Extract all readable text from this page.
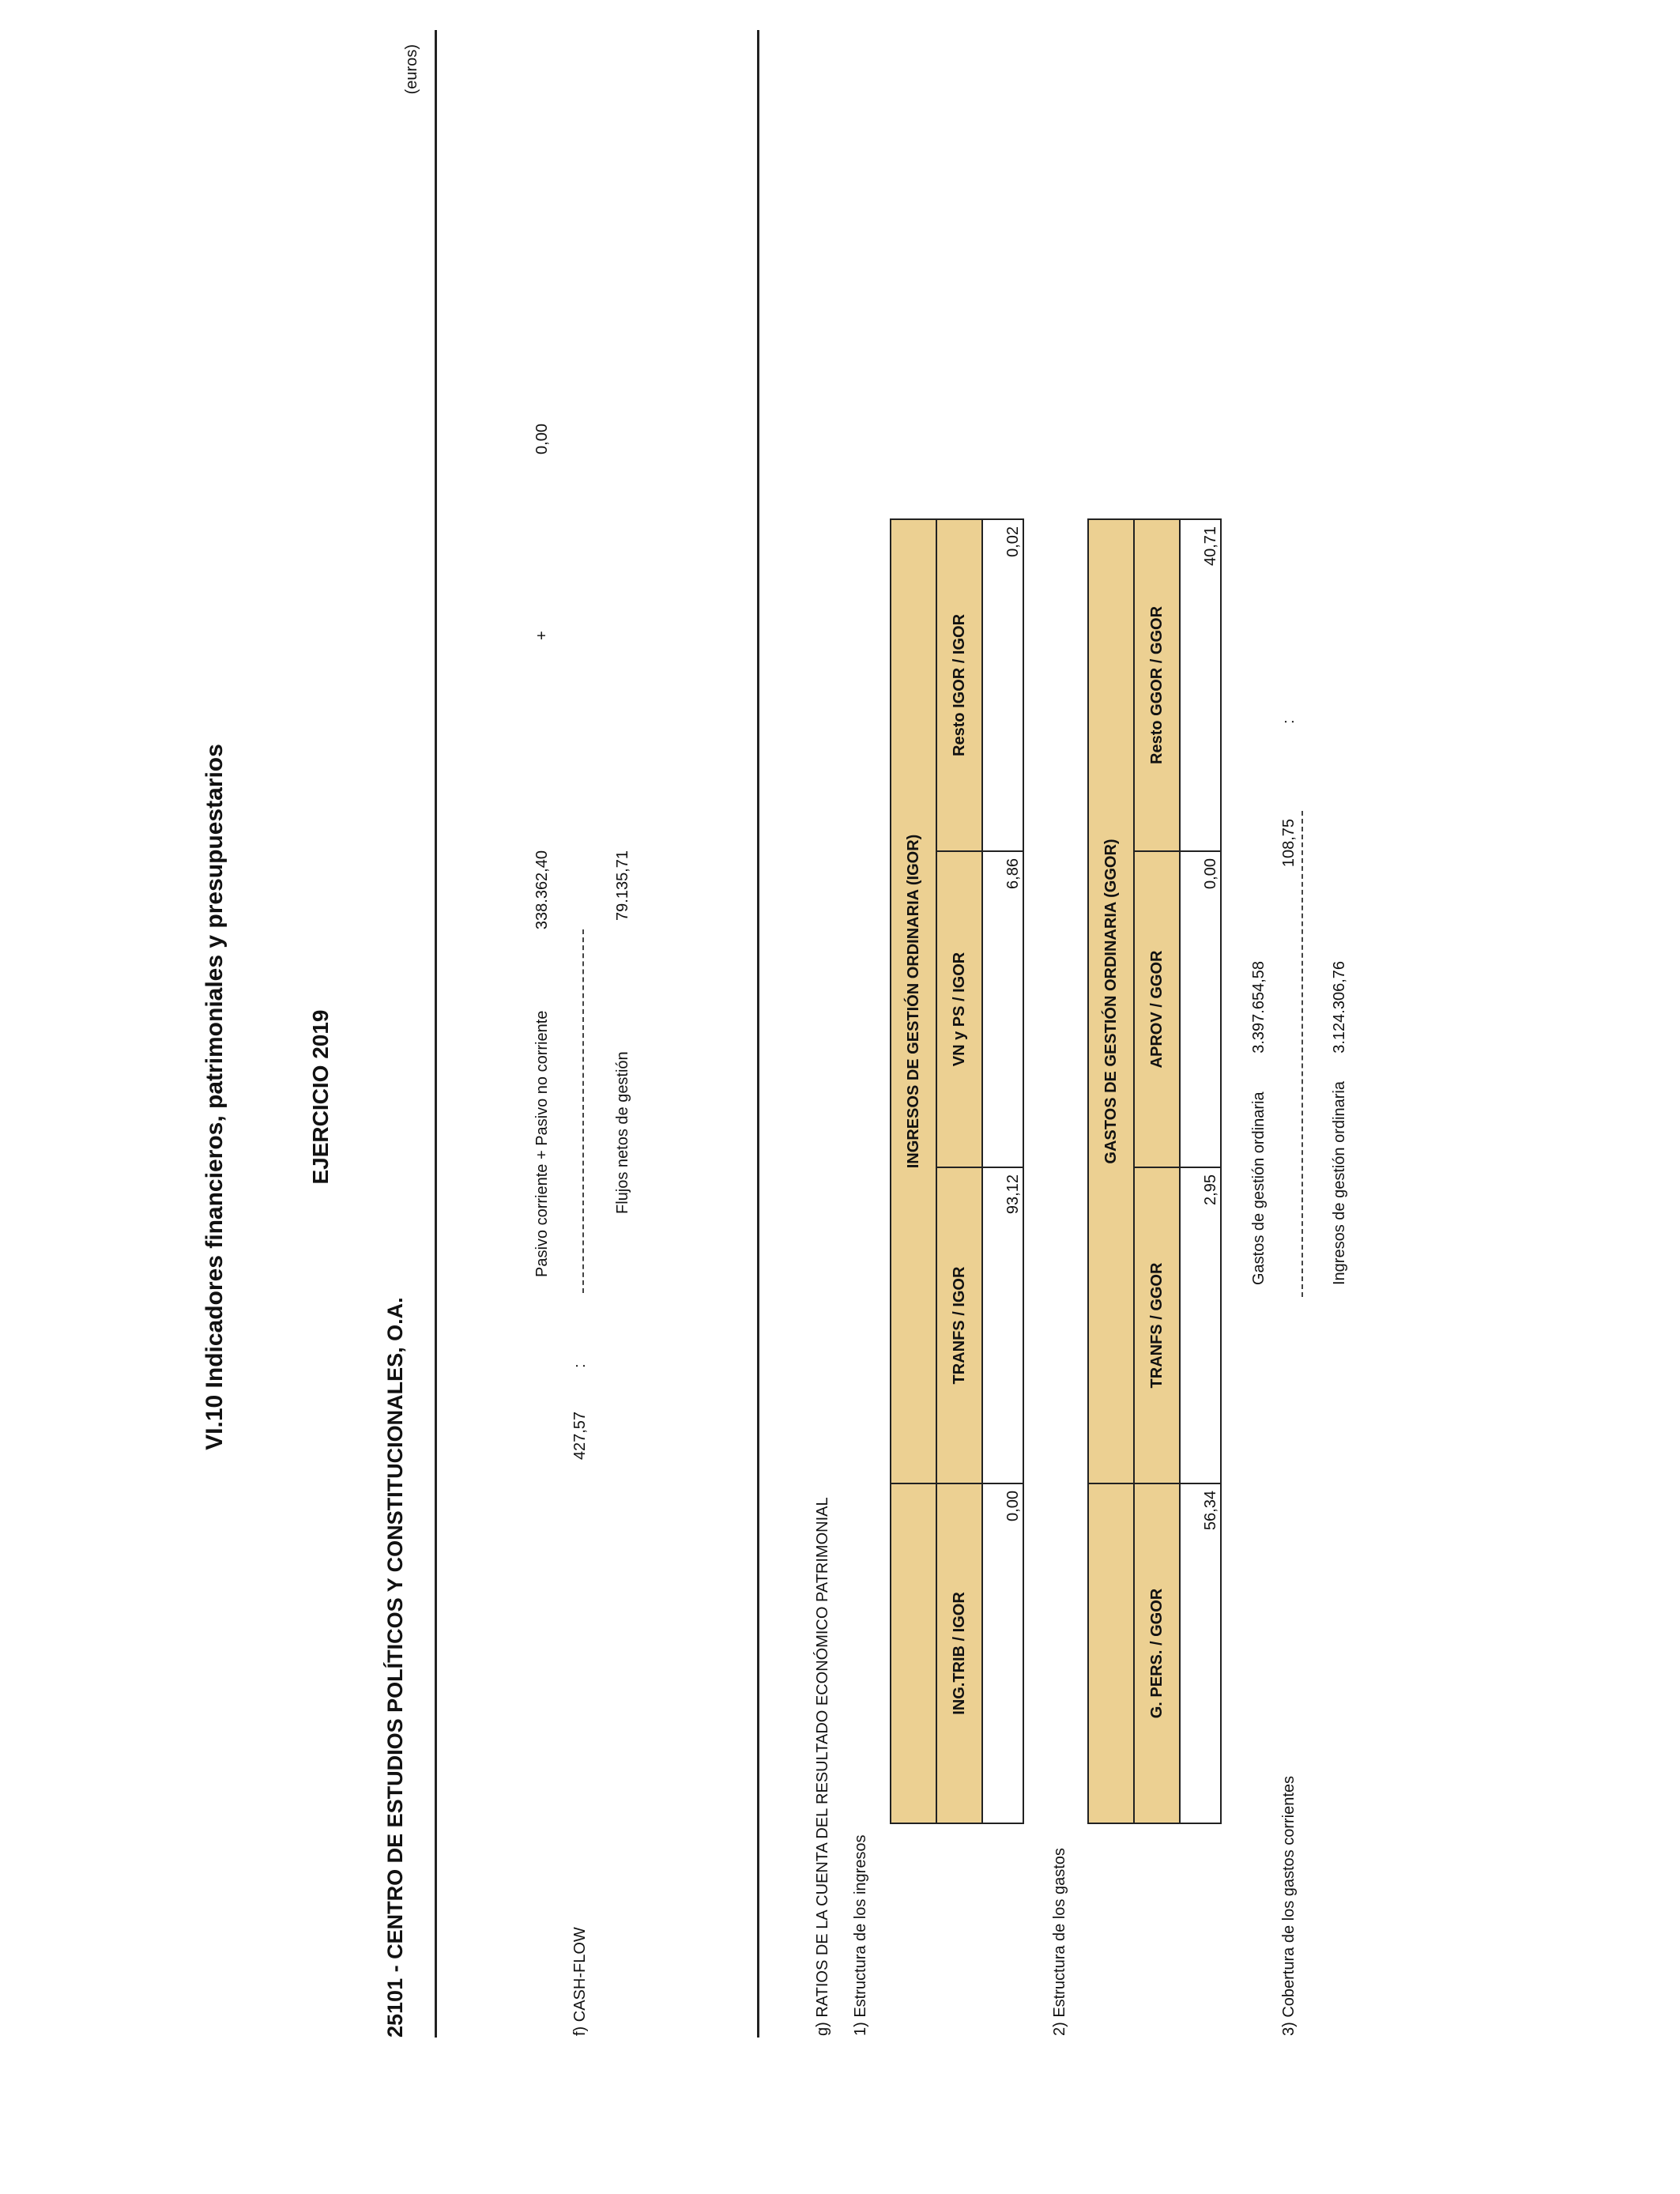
VI.10 Indicadores financieros, patrimoniales y presupuestarios	EJERCICIO 2019
25101 - CENTRO DE ESTUDIOS POLÍTICOS Y CONSTITUCIONALES, O.A.
(euros)
f) CASH-FLOW
427,57
:
Pasivo corriente + Pasivo no corriente
338.362,40
+
0,00
Flujos netos de gestión
79.135,71
g) RATIOS DE LA CUENTA DEL RESULTADO ECONÓMICO PATRIMONIAL 1) Estructura de los ingresos
	INGRESOS DE GESTIÓN ORDINARIA (IGOR)		
ING.TRIB / IGOR	TRANFS / IGOR	VN y PS / IGOR	Resto IGOR / IGOR
0,00	93,12	6,86	0,02
2) Estructura de los gastos
	GASTOS DE GESTIÓN ORDINARIA (GGOR)		
G. PERS. / GGOR	TRANFS / GGOR	APROV / GGOR	Resto GGOR / GGOR
56,34	2,95	0,00	40,71
3) Cobertura de los gastos corrientes
108,75
:
Gastos de gestión ordinaria
3.397.654,58
Ingresos de gestión ordinaria
3.124.306,76
